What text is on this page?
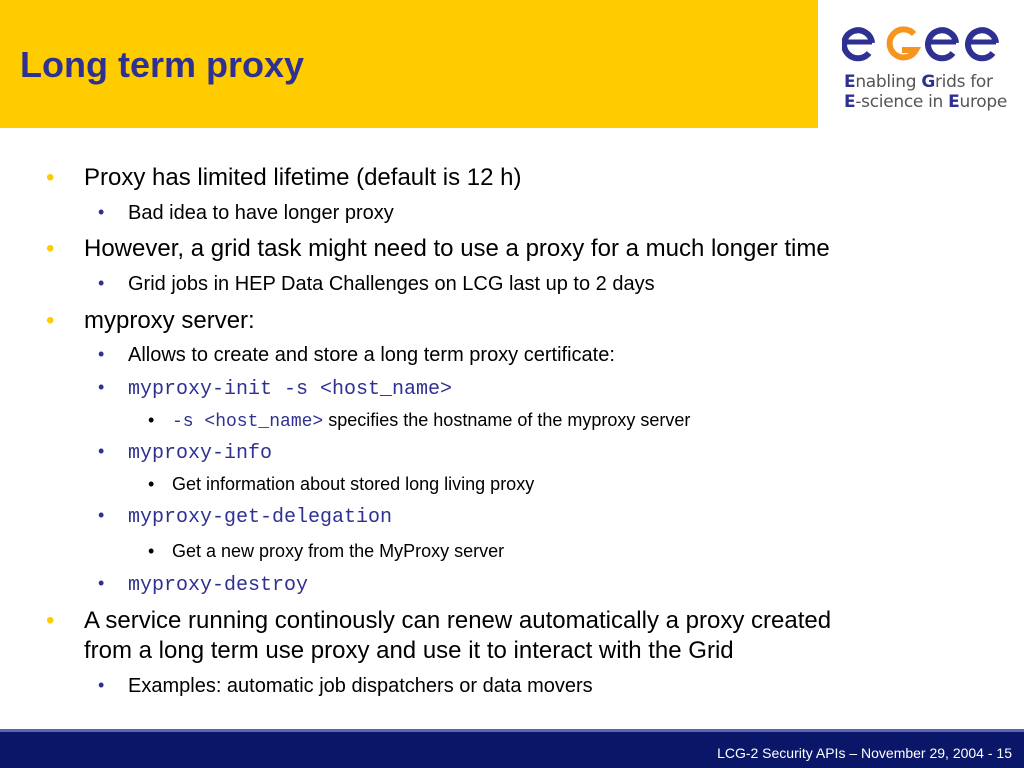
Long term proxy	Enabling Grids for
E-science in Europe
• Proxy has limited lifetime (default is 12 h)
• Bad idea to have longer proxy
• However, a grid task might need to use a proxy for a much longer time
• Grid jobs in HEP Data Challenges on LCG last up to 2 days
• myproxy server:
• Allows to create and store a long term proxy certificate:
• myproxy-init -s <host_name>
• -s <host_name> specifies the hostname of the myproxy server
• myproxy-info
• Get information about stored long living proxy
• myproxy-get-delegation
• Get a new proxy from the MyProxy server
• myproxy-destroy
• A service running continously can renew automatically a proxy created
from a long term use proxy and use it to interact with the Grid
• Examples: automatic job dispatchers or data movers
LCG-2 Security APIs – November 29, 2004 - 15
